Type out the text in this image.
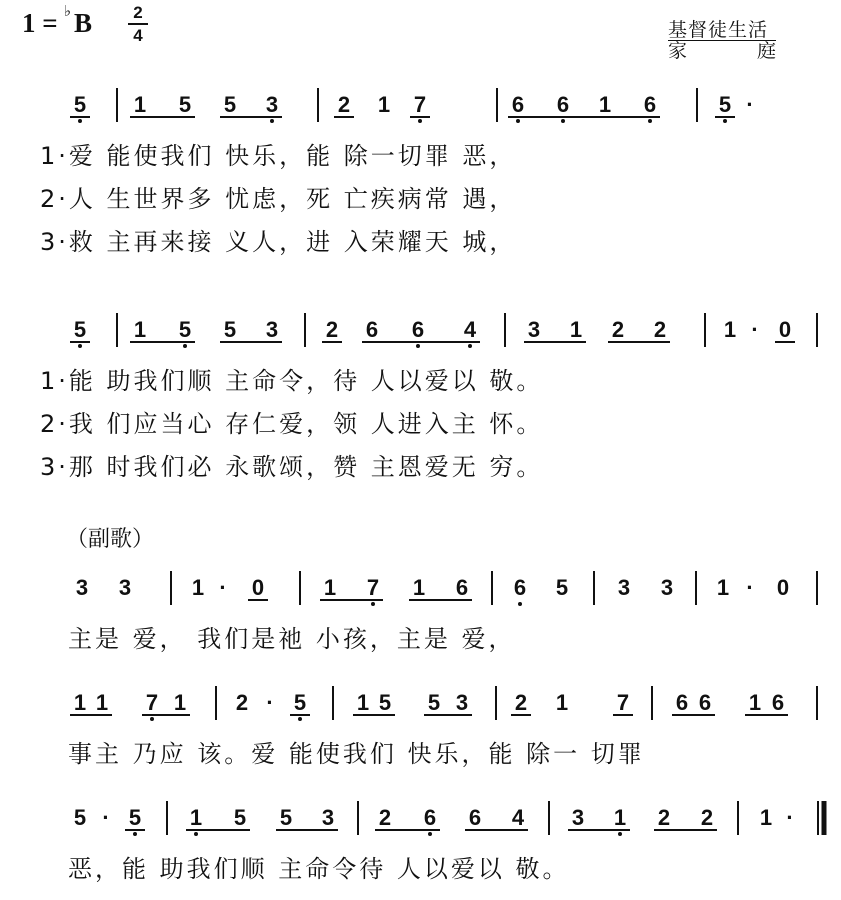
1 = ♭ B	2
4	基督徒生活
家	庭
（副歌）
5 1 5 5 3	2 1 7	6 6 1 6	5 ·
1·爱 能使我们 快乐，能 除一切罪 恶，
2·人 生世界多 忧虑，死 亡疾病常 遇，
3·救 主再来接 义人，进 入荣耀天 城，
5 1 5 5 3 2 6 6 4 3 1 2 2	1 · 0
1·能 助我们顺 主命令，待 人以爱以 敬。
2·我 们应当心 存仁爱，领 人进入主 怀。
3·那 时我们必 永歌颂，赞 主恩爱无 穷。
3 3	1 · 0	1 7 1 6 6 5 3 3 1 · 0
主是 爱， 我们是祂 小孩，主是 爱，
1 1 7 1 2 · 5 1 5 5 3 2 1 7 6 6 1 6
事主 乃应 该。爱 能使我们 快乐，能 除一 切罪
5 · 5 1 5 5 3 2 6 6 4 3 1 2 2 1 ·
恶，能 助我们顺 主命令待 人以爱以 敬。
